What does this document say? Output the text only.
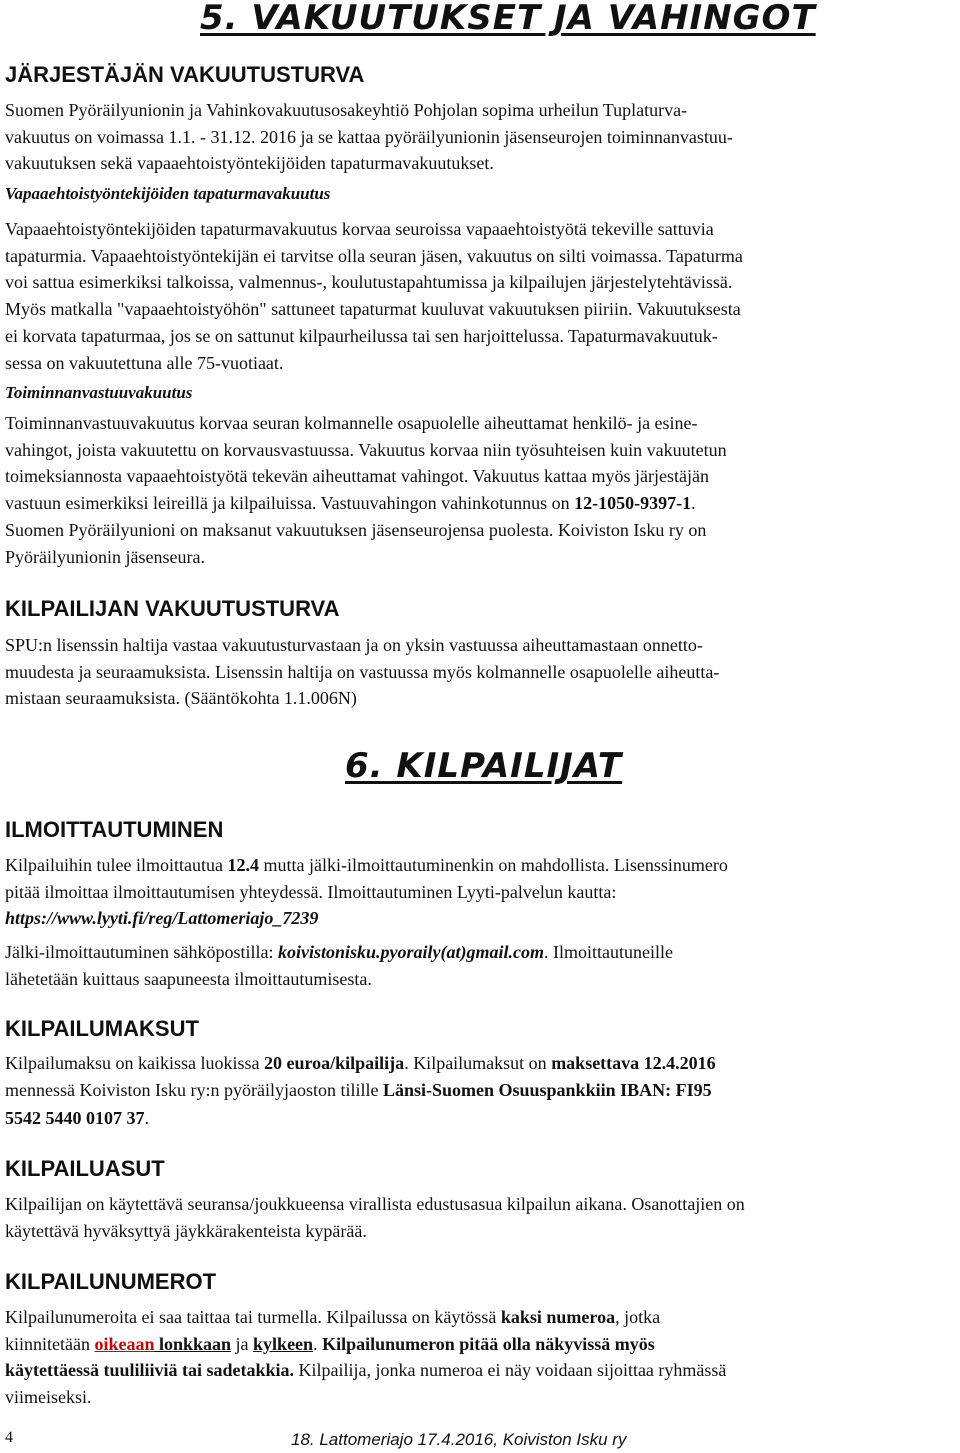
5. VAKUUTUKSET JA VAHINGOT
JÄRJESTÄJÄN VAKUUTUSTURVA
Suomen Pyöräilyunionin ja Vahinkovakuutusosakeyhtiö Pohjolan sopima urheilun Tuplaturva-
vakuutus on voimassa 1.1. - 31.12. 2016 ja se kattaa pyöräilyunionin jäsenseurojen toiminnanvastuu-
vakuutuksen sekä vapaaehtoistyöntekijöiden tapaturmavakuutukset.
Vapaaehtoistyöntekijöiden tapaturmavakuutus
Vapaaehtoistyöntekijöiden tapaturmavakuutus korvaa seuroissa vapaaehtoistyötä tekeville sattuvia
tapaturmia. Vapaaehtoistyöntekijän ei tarvitse olla seuran jäsen, vakuutus on silti voimassa. Tapaturma
voi sattua esimerkiksi talkoissa, valmennus-, koulutustapahtumissa ja kilpailujen järjestelytehtävissä.
Myös matkalla "vapaaehtoistyöhön" sattuneet tapaturmat kuuluvat vakuutuksen piiriin. Vakuutuksesta
ei korvata tapaturmaa, jos se on sattunut kilpaurheilussa tai sen harjoittelussa. Tapaturmavakuutuk-
sessa on vakuutettuna alle 75-vuotiaat.
Toiminnanvastuuvakuutus
Toiminnanvastuuvakuutus korvaa seuran kolmannelle osapuolelle aiheuttamat henkilö- ja esine-
vahingot, joista vakuutettu on korvausvastuussa. Vakuutus korvaa niin työsuhteisen kuin vakuutetun
toimeksiannosta vapaaehtoistyötä tekevän aiheuttamat vahingot. Vakuutus kattaa myös järjestäjän
vastuun esimerkiksi leireillä ja kilpailuissa. Vastuuvahingon vahinkotunnus on 12-1050-9397-1.
Suomen Pyöräilyunioni on maksanut vakuutuksen jäsenseurojensa puolesta. Koiviston Isku ry on
Pyöräilyunionin jäsenseura.
KILPAILIJAN VAKUUTUSTURVA
SPU:n lisenssin haltija vastaa vakuutusturvastaan ja on yksin vastuussa aiheuttamastaan onnetto-
muudesta ja seuraamuksista. Lisenssin haltija on vastuussa myös kolmannelle osapuolelle aiheutta-
mistaan seuraamuksista. (Sääntökohta 1.1.006N)
6. KILPAILIJAT
ILMOITTAUTUMINEN
Kilpailuihin tulee ilmoittautua 12.4 mutta jälki-ilmoittautuminenkin on mahdollista. Lisenssinumero
pitää ilmoittaa ilmoittautumisen yhteydessä. Ilmoittautuminen Lyyti-palvelun kautta:
https://www.lyyti.fi/reg/Lattomeriajo_7239
Jälki-ilmoittautuminen sähköpostilla: koivistonisku.pyoraily(at)gmail.com. Ilmoittautuneille
lähetetään kuittaus saapuneesta ilmoittautumisesta.
KILPAILUMAKSUT
Kilpailumaksu on kaikissa luokissa 20 euroa/kilpailija. Kilpailumaksut on maksettava 12.4.2016
mennessä Koiviston Isku ry:n pyöräilyjaoston tilille Länsi-Suomen Osuuspankkiin IBAN: FI95
5542 5440 0107 37.
KILPAILUASUT
Kilpailijan on käytettävä seuransa/joukkueensa virallista edustusasua kilpailun aikana. Osanottajien on
käytettävä hyväksyttyä jäykkärakenteista kypärää.
KILPAILUNUMEROT
Kilpailunumeroita ei saa taittaa tai turmella. Kilpailussa on käytössä kaksi numeroa, jotka
kiinnitetään oikeaan lonkkaan ja kylkeen. Kilpailunumeron pitää olla näkyvissä myös
käytettäessä tuuliliiviä tai sadetakkia. Kilpailija, jonka numeroa ei näy voidaan sijoittaa ryhmässä
viimeiseksi.
4	18. Lattomeriajo 17.4.2016, Koiviston Isku ry
